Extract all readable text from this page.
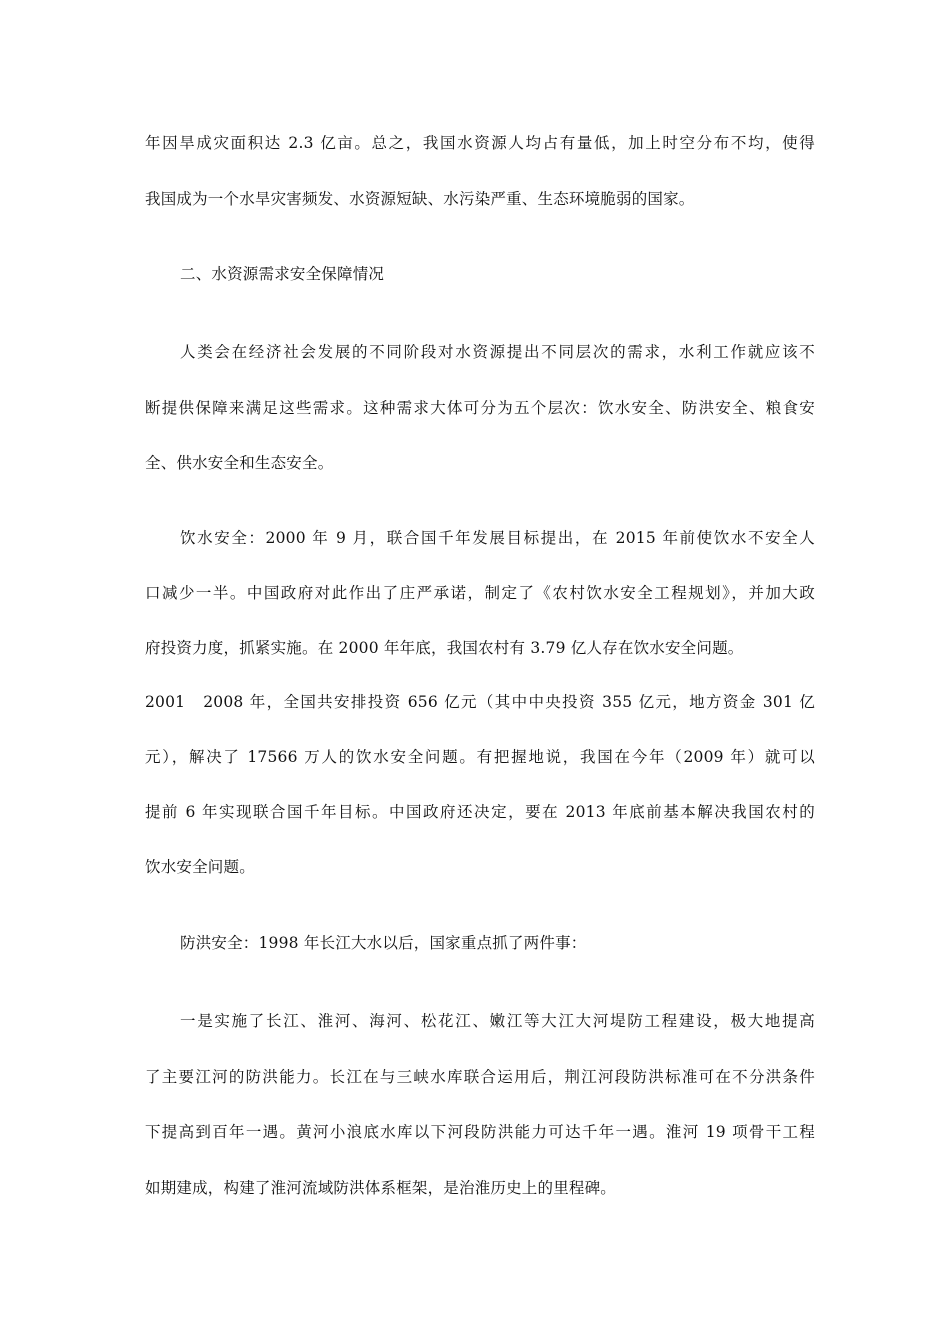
年因旱成灾面积达 2.3 亿亩。总之，我国水资源人均占有量低，加上时空分布不均，使得
我国成为一个水旱灾害频发、水资源短缺、水污染严重、生态环境脆弱的国家。
二、水资源需求安全保障情况
人类会在经济社会发展的不同阶段对水资源提出不同层次的需求，水利工作就应该不
断提供保障来满足这些需求。这种需求大体可分为五个层次：饮水安全、防洪安全、粮食安
全、供水安全和生态安全。
饮水安全：2000 年 9 月，联合国千年发展目标提出，在 2015 年前使饮水不安全人
口减少一半。中国政府对此作出了庄严承诺，制定了《农村饮水安全工程规划》，并加大政
府投资力度，抓紧实施。在 2000 年年底，我国农村有 3.79 亿人存在饮水安全问题。
2001　2008 年，全国共安排投资 656 亿元（其中中央投资 355 亿元，地方资金 301 亿
元），解决了 17566 万人的饮水安全问题。有把握地说，我国在今年（2009 年）就可以
提前 6 年实现联合国千年目标。中国政府还决定，要在 2013 年底前基本解决我国农村的
饮水安全问题。
防洪安全：1998 年长江大水以后，国家重点抓了两件事：
一是实施了长江、淮河、海河、松花江、嫩江等大江大河堤防工程建设，极大地提高
了主要江河的防洪能力。长江在与三峡水库联合运用后，荆江河段防洪标准可在不分洪条件
下提高到百年一遇。黄河小浪底水库以下河段防洪能力可达千年一遇。淮河 19 项骨干工程
如期建成，构建了淮河流域防洪体系框架，是治淮历史上的里程碑。
